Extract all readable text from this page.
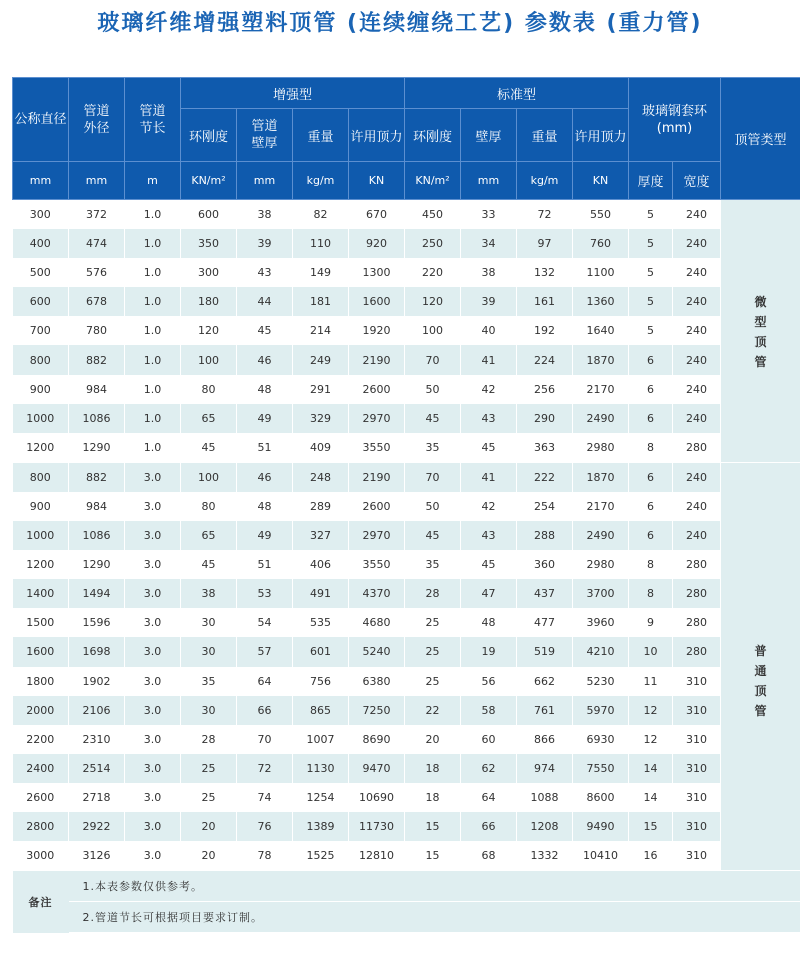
玻璃纤维增强塑料顶管 (连续缠绕工艺) 参数表 (重力管)
公称直径	管道外径	管道节长	增强型				标准型				玻璃钢套环(mm)		顶管类型
			环刚度	管道壁厚	重量	许用顶力	环刚度	壁厚	重量	许用顶力			
mm	mm	m	KN/m²	mm	kg/m	KN	KN/m²	mm	kg/m	KN	厚度	宽度	
300	372	1.0	600	38	82	670	450	33	72	550	5	240	微型顶管
400	474	1.0	350	39	110	920	250	34	97	760	5	240	
500	576	1.0	300	43	149	1300	220	38	132	1100	5	240	
600	678	1.0	180	44	181	1600	120	39	161	1360	5	240	
700	780	1.0	120	45	214	1920	100	40	192	1640	5	240	
800	882	1.0	100	46	249	2190	70	41	224	1870	6	240	
900	984	1.0	80	48	291	2600	50	42	256	2170	6	240	
1000	1086	1.0	65	49	329	2970	45	43	290	2490	6	240	
1200	1290	1.0	45	51	409	3550	35	45	363	2980	8	280	
800	882	3.0	100	46	248	2190	70	41	222	1870	6	240	普通顶管
900	984	3.0	80	48	289	2600	50	42	254	2170	6	240	
1000	1086	3.0	65	49	327	2970	45	43	288	2490	6	240	
1200	1290	3.0	45	51	406	3550	35	45	360	2980	8	280	
1400	1494	3.0	38	53	491	4370	28	47	437	3700	8	280	
1500	1596	3.0	30	54	535	4680	25	48	477	3960	9	280	
1600	1698	3.0	30	57	601	5240	25	19	519	4210	10	280	
1800	1902	3.0	35	64	756	6380	25	56	662	5230	11	310	
2000	2106	3.0	30	66	865	7250	22	58	761	5970	12	310	
2200	2310	3.0	28	70	1007	8690	20	60	866	6930	12	310	
2400	2514	3.0	25	72	1130	9470	18	62	974	7550	14	310	
2600	2718	3.0	25	74	1254	10690	18	64	1088	8600	14	310	
2800	2922	3.0	20	76	1389	11730	15	66	1208	9490	15	310	
3000	3126	3.0	20	78	1525	12810	15	68	1332	10410	16	310	
备注	1.本表参数仅供参考。												
	2.管道节长可根据项目要求订制。												
